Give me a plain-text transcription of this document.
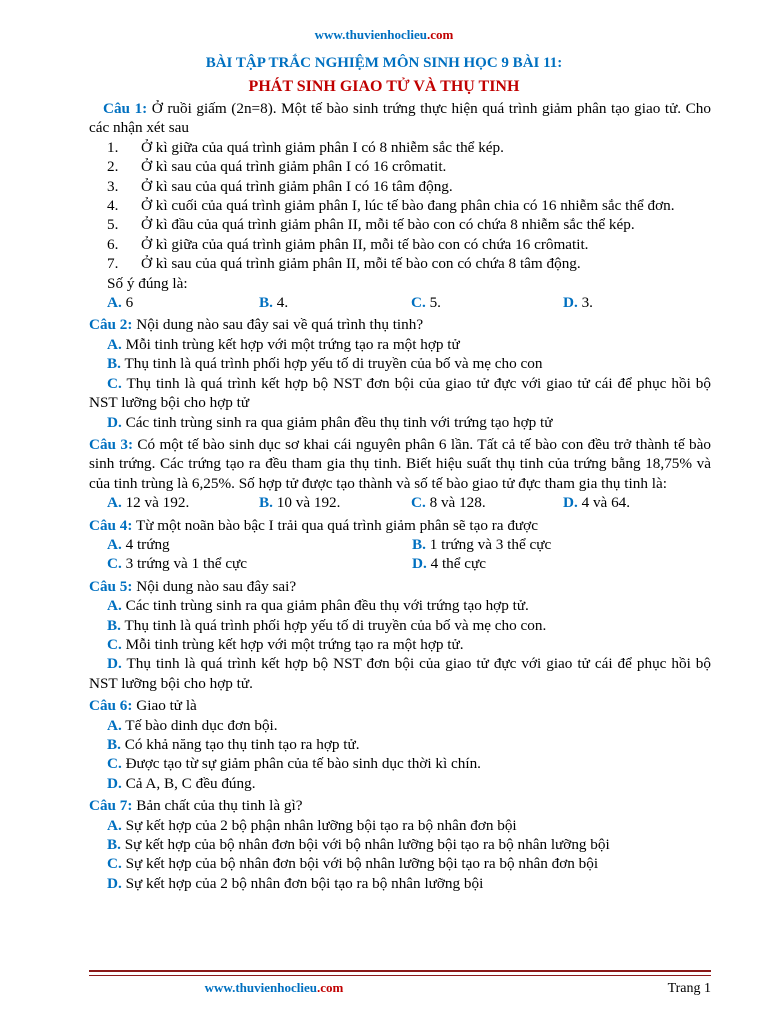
www.thuvienhoclieu.com
BÀI TẬP TRẮC NGHIỆM MÔN SINH HỌC 9 BÀI 11:
PHÁT SINH GIAO TỬ VÀ THỤ TINH
Câu 1: Ở ruồi giấm (2n=8). Một tế bào sinh trứng thực hiện quá trình giảm phân tạo giao tử. Cho các nhận xét sau
1.	Ở kì giữa của quá trình giảm phân I có 8 nhiễm sắc thể kép.
2.	Ở kì sau của quá trình giảm phân I có 16 crômatit.
3.	Ở kì sau của quá trình giảm phân I có 16 tâm động.
4. Ở kì cuối của quá trình giảm phân I, lúc tế bào đang phân chia có 16 nhiễm sắc thể đơn.
5.	Ở kì đầu của quá trình giảm phân II, mỗi tế bào con có chứa 8 nhiễm sắc thể kép.
6.	Ở kì giữa của quá trình giảm phân II, mỗi tế bào con có chứa 16 crômatit.
7.	Ở kì sau của quá trình giảm phân II, mỗi tế bào con có chứa 8 tâm động.
Số ý đúng là:
A. 6	B. 4.	C. 5.	D. 3.
Câu 2: Nội dung nào sau đây sai về quá trình thụ tinh?
A. Mỗi tinh trùng kết hợp với một trứng tạo ra một hợp tử
B. Thụ tinh là quá trình phối hợp yếu tố di truyền của bố và mẹ cho con
C. Thụ tinh là quá trình kết hợp bộ NST đơn bội của giao tử đực với giao tử cái để phục hồi bộ NST lưỡng bội cho hợp tử
D. Các tinh trùng sinh ra qua giảm phân đều thụ tinh với trứng tạo hợp tử
Câu 3: Có một tế bào sinh dục sơ khai cái nguyên phân 6 lần. Tất cả tế bào con đều trở thành tế bào sinh trứng. Các trứng tạo ra đều tham gia thụ tinh. Biết hiệu suất thụ tinh của trứng bằng 18,75% và của tinh trùng là 6,25%. Số hợp tử được tạo thành và số tế bào giao tử đực tham gia thụ tinh là:
A. 12 và 192.	B. 10 và 192.	C. 8 và 128.	D. 4 và 64.
Câu 4: Từ một noãn bào bậc I trải qua quá trình giảm phân sẽ tạo ra được
A. 4 trứng	B. 1 trứng và 3 thể cực
C. 3 trứng và 1 thể cực	D. 4 thể cực
Câu 5: Nội dung nào sau đây sai?
A. Các tinh trùng sinh ra qua giảm phân đều thụ với trứng tạo hợp tử.
B. Thụ tinh là quá trình phối hợp yếu tố di truyền của bố và mẹ cho con.
C. Mỗi tinh trùng kết hợp với một trứng tạo ra một hợp tử.
D. Thụ tinh là quá trình kết hợp bộ NST đơn bội của giao tử đực với giao tử cái để phục hồi bộ NST lưỡng bội cho hợp tử.
Câu 6: Giao tử là
A. Tế bào dinh dục đơn bội.
B. Có khả năng tạo thụ tinh tạo ra hợp tử.
C. Được tạo từ sự giảm phân của tế bào sinh dục thời kì chín.
D. Cả A, B, C đều đúng.
Câu 7: Bản chất của thụ tinh là gì?
A. Sự kết hợp của 2 bộ phận nhân lưỡng bội tạo ra bộ nhân đơn bội
B. Sự kết hợp của bộ nhân đơn bội với bộ nhân lưỡng bội tạo ra bộ nhân lưỡng bội
C. Sự kết hợp của bộ nhân đơn bội với bộ nhân lưỡng bội tạo ra bộ nhân đơn bội
D. Sự kết hợp của 2 bộ nhân đơn bội tạo ra bộ nhân lưỡng bội
www.thuvienhoclieu.com	Trang 1
